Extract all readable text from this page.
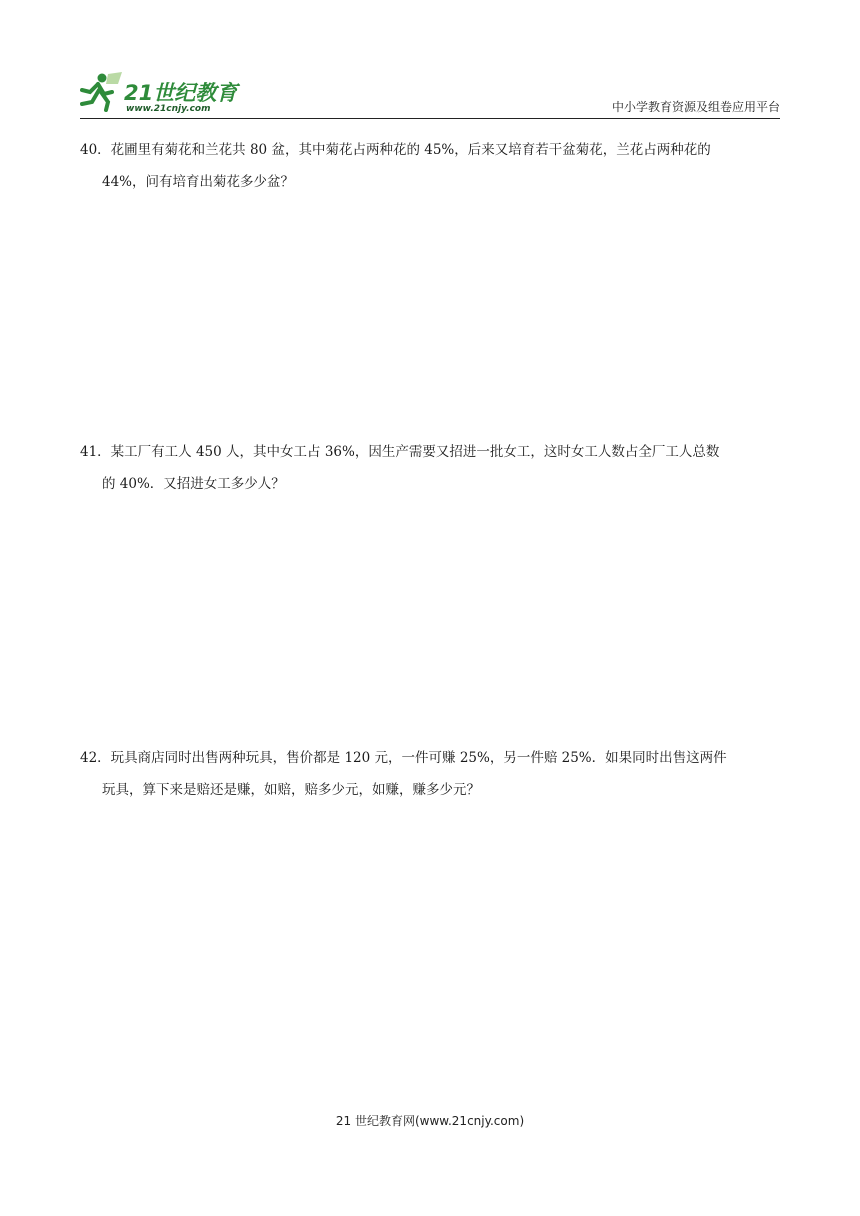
21世纪教育
www.21cnjy.com	中小学教育资源及组卷应用平台
40．花圃里有菊花和兰花共 80 盆，其中菊花占两种花的 45%，后来又培育若干盆菊花，兰花占两种花的
44%，问有培育出菊花多少盆？
41．某工厂有工人 450 人，其中女工占 36%，因生产需要又招进一批女工，这时女工人数占全厂工人总数
的 40%．又招进女工多少人？
42．玩具商店同时出售两种玩具，售价都是 120 元，一件可赚 25%，另一件赔 25%．如果同时出售这两件
玩具，算下来是赔还是赚，如赔，赔多少元，如赚，赚多少元？
21 世纪教育网(www.21cnjy.com)
